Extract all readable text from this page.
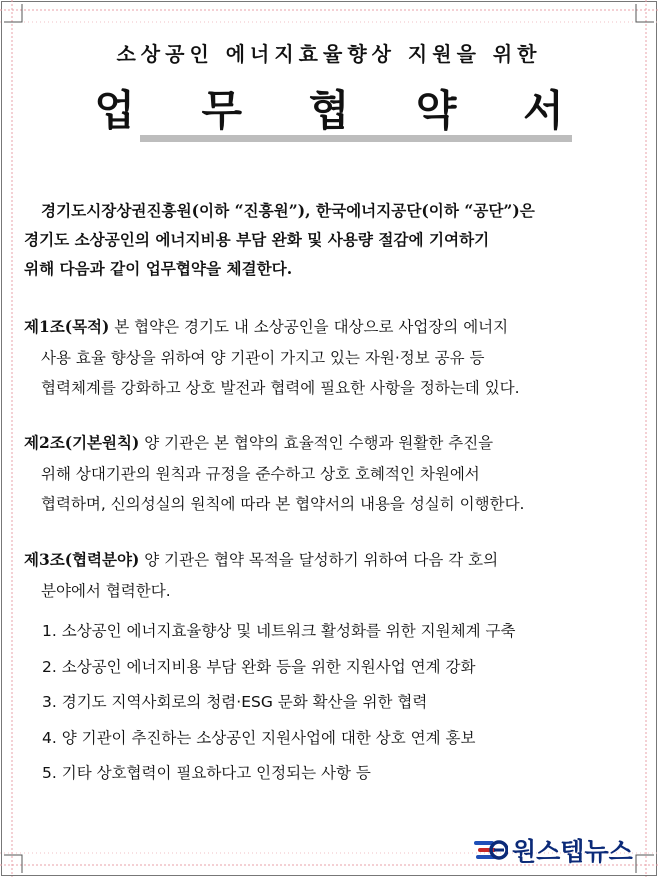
소상공인 에너지효율향상 지원을 위한
업 무 협 약 서
경기도시장상권진흥원(이하 “진흥원”), 한국에너지공단(이하 “공단”)은
경기도 소상공인의 에너지비용 부담 완화 및 사용량 절감에 기여하기
위해 다음과 같이 업무협약을 체결한다.
제1조(목적) 본 협약은 경기도 내 소상공인을 대상으로 사업장의 에너지
사용 효율 향상을 위하여 양 기관이 가지고 있는 자원·정보 공유 등
협력체계를 강화하고 상호 발전과 협력에 필요한 사항을 정하는데 있다.
제2조(기본원칙) 양 기관은 본 협약의 효율적인 수행과 원활한 추진을
위해 상대기관의 원칙과 규정을 준수하고 상호 호혜적인 차원에서
협력하며, 신의성실의 원칙에 따라 본 협약서의 내용을 성실히 이행한다.
제3조(협력분야) 양 기관은 협약 목적을 달성하기 위하여 다음 각 호의
분야에서 협력한다.
1. 소상공인 에너지효율향상 및 네트워크 활성화를 위한 지원체계 구축
2. 소상공인 에너지비용 부담 완화 등을 위한 지원사업 연계 강화
3. 경기도 지역사회로의 청렴·ESG 문화 확산을 위한 협력
4. 양 기관이 추진하는 소상공인 지원사업에 대한 상호 연계 홍보
5. 기타 상호협력이 필요하다고 인정되는 사항 등
원스텝뉴스
